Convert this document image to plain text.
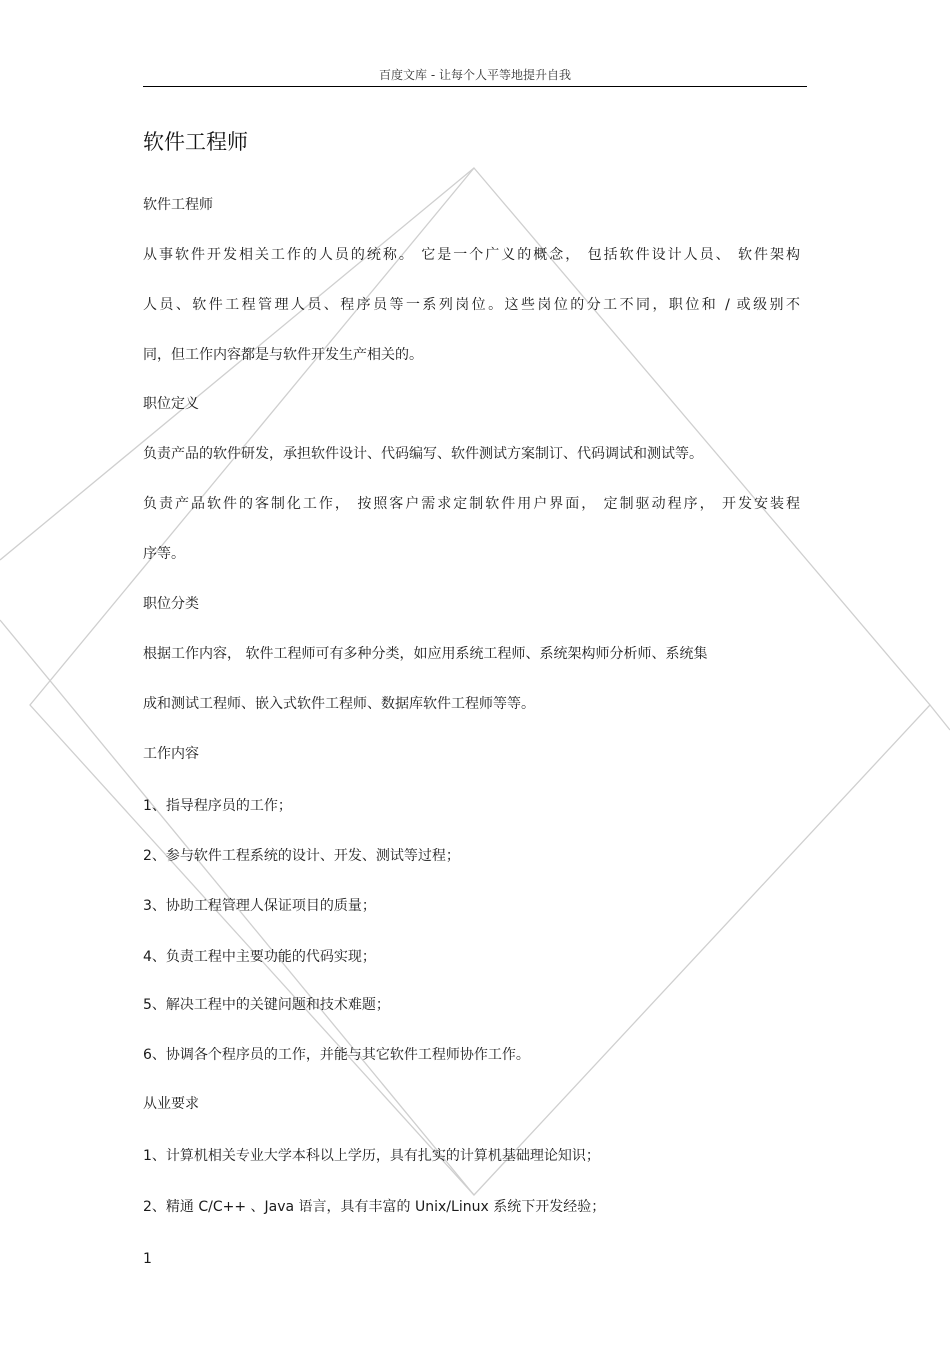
百度文库 - 让每个人平等地提升自我
软件工程师
软件工程师
从事软件开发相关工作的人员的统称。 它是一个广义的概念， 包括软件设计人员、 软件架构
人员、软件工程管理人员、程序员等一系列岗位。这些岗位的分工不同，职位和 / 或级别不
同，但工作内容都是与软件开发生产相关的。
职位定义
负责产品的软件研发，承担软件设计、代码编写、软件测试方案制订、代码调试和测试等。
负责产品软件的客制化工作， 按照客户需求定制软件用户界面， 定制驱动程序， 开发安装程
序等。
职位分类
根据工作内容， 软件工程师可有多种分类，如应用系统工程师、系统架构师分析师、系统集
成和测试工程师、嵌入式软件工程师、数据库软件工程师等等。
工作内容
1、指导程序员的工作；
2、参与软件工程系统的设计、开发、测试等过程；
3、协助工程管理人保证项目的质量；
4、负责工程中主要功能的代码实现；
5、解决工程中的关键问题和技术难题；
6、协调各个程序员的工作，并能与其它软件工程师协作工作。
从业要求
1、计算机相关专业大学本科以上学历，具有扎实的计算机基础理论知识；
2、精通 C/C++ 、Java 语言，具有丰富的 Unix/Linux 系统下开发经验；
1
